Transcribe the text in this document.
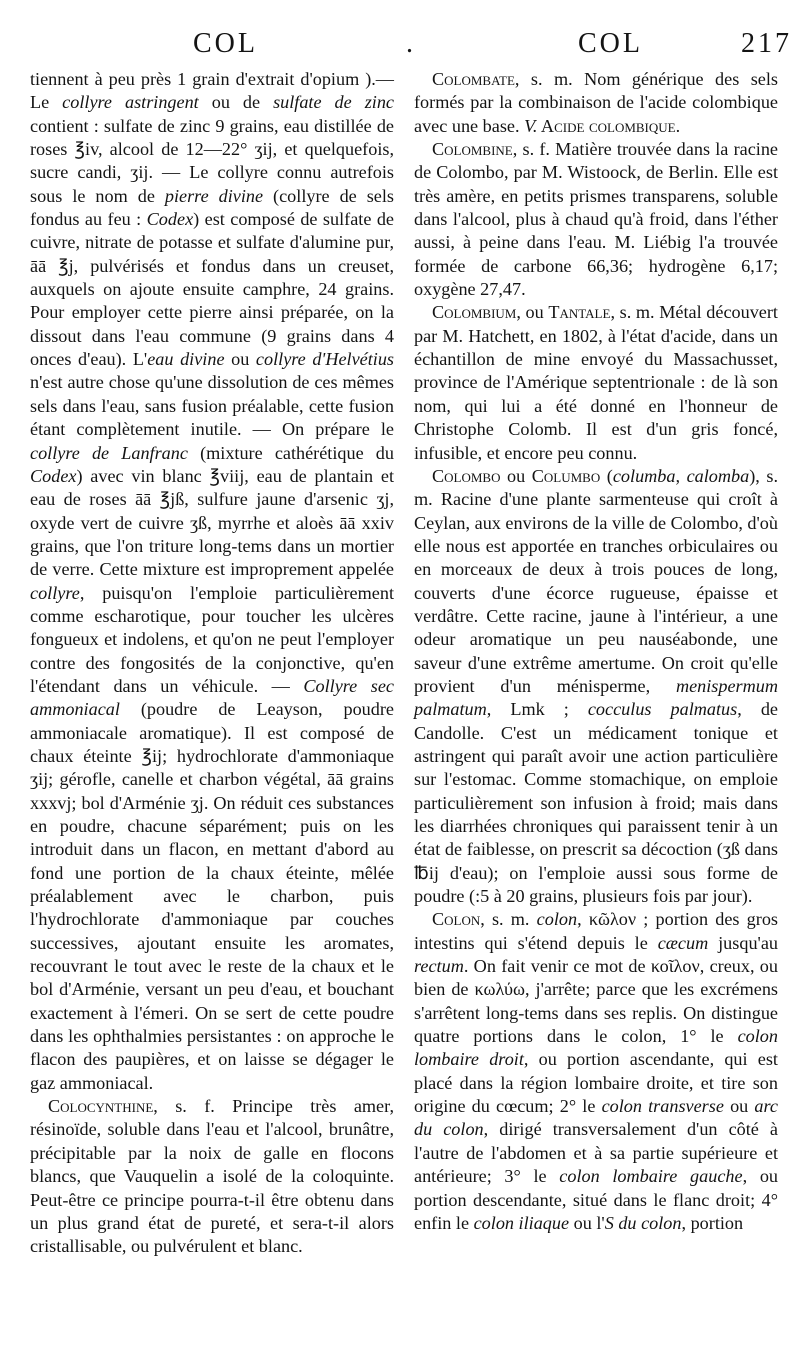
COL	.	COL	217

tiennent à peu près 1 grain d'extrait d'opium ).—Le collyre astringent ou de sulfate de zinc contient : sulfate de zinc 9 grains, eau distillée de roses ℥iv, alcool de 12—22° ʒij, et quelquefois, sucre candi, ʒij. — Le collyre connu autrefois sous le nom de pierre divine (collyre de sels fondus au feu : Codex) est composé de sulfate de cuivre, nitrate de potasse et sulfate d'alumine pur, āā ℥j, pulvérisés et fondus dans un creuset, auxquels on ajoute ensuite camphre, 24 grains. Pour employer cette pierre ainsi préparée, on la dissout dans l'eau commune (9 grains dans 4 onces d'eau). L'eau divine ou collyre d'Helvétius n'est autre chose qu'une dissolution de ces mêmes sels dans l'eau, sans fusion préalable, cette fusion étant complètement inutile. — On prépare le collyre de Lanfranc (mixture cathérétique du Codex) avec vin blanc ℥viij, eau de plantain et eau de roses āā ℥jß, sulfure jaune d'arsenic ʒj, oxyde vert de cuivre ʒß, myrrhe et aloès āā xxiv grains, que l'on triture long-tems dans un mortier de verre. Cette mixture est improprement appelée collyre, puisqu'on l'emploie particulièrement comme escharotique, pour toucher les ulcères fongueux et indolens, et qu'on ne peut l'employer contre des fongosités de la conjonctive, qu'en l'étendant dans un véhicule. — Collyre sec ammoniacal (poudre de Leayson, poudre ammoniacale aromatique). Il est composé de chaux éteinte ℥ij; hydrochlorate d'ammoniaque ʒij; gérofle, canelle et charbon végétal, āā grains xxxvj; bol d'Arménie ʒj. On réduit ces substances en poudre, chacune séparément; puis on les introduit dans un flacon, en mettant d'abord au fond une portion de la chaux éteinte, mêlée préalablement avec le charbon, puis l'hydrochlorate d'ammoniaque par couches successives, ajoutant ensuite les aromates, recouvrant le tout avec le reste de la chaux et le bol d'Arménie, versant un peu d'eau, et bouchant exactement à l'émeri. On se sert de cette poudre dans les ophthalmies persistantes : on approche le flacon des paupières, et on laisse se dégager le gaz ammoniacal.

Colocynthine, s. f. Principe très amer, résinoïde, soluble dans l'eau et l'alcool, brunâtre, précipitable par la noix de galle en flocons blancs, que Vauquelin a isolé de la coloquinte. Peut-être ce principe pourra-t-il être obtenu dans un plus grand état de pureté, et sera-t-il alors cristallisable, ou pulvérulent et blanc.

Colombate, s. m. Nom générique des sels formés par la combinaison de l'acide colombique avec une base. V. Acide colombique.

Colombine, s. f. Matière trouvée dans la racine de Colombo, par M. Wistoock, de Berlin. Elle est très amère, en petits prismes transparens, soluble dans l'alcool, plus à chaud qu'à froid, dans l'éther aussi, à peine dans l'eau. M. Liébig l'a trouvée formée de carbone 66,36; hydrogène 6,17; oxygène 27,47.

Colombium, ou Tantale, s. m. Métal découvert par M. Hatchett, en 1802, à l'état d'acide, dans un échantillon de mine envoyé du Massachusset, province de l'Amérique septentrionale : de là son nom, qui lui a été donné en l'honneur de Christophe Colomb. Il est d'un gris foncé, infusible, et encore peu connu.

Colombo ou Columbo (columba, calomba), s. m. Racine d'une plante sarmenteuse qui croît à Ceylan, aux environs de la ville de Colombo, d'où elle nous est apportée en tranches orbiculaires ou en morceaux de deux à trois pouces de long, couverts d'une écorce rugueuse, épaisse et verdâtre. Cette racine, jaune à l'intérieur, a une odeur aromatique un peu nauséabonde, une saveur d'une extrême amertume. On croit qu'elle provient d'un ménisperme, menispermum palmatum, Lmk ; cocculus palmatus, de Candolle. C'est un médicament tonique et astringent qui paraît avoir une action particulière sur l'estomac. Comme stomachique, on emploie particulièrement son infusion à froid; mais dans les diarrhées chroniques qui paraissent tenir à un état de faiblesse, on prescrit sa décoction (ʒß dans ℔ij d'eau); on l'emploie aussi sous forme de poudre (:5 à 20 grains, plusieurs fois par jour).

Colon, s. m. colon, κῶλον ; portion des gros intestins qui s'étend depuis le cæcum jusqu'au rectum. On fait venir ce mot de κοῖλον, creux, ou bien de κωλύω, j'arrête; parce que les excrémens s'arrêtent long-tems dans ses replis. On distingue quatre portions dans le colon, 1° le colon lombaire droit, ou portion ascendante, qui est placé dans la région lombaire droite, et tire son origine du cœcum; 2° le colon transverse ou arc du colon, dirigé transversalement d'un côté à l'autre de l'abdomen et à sa partie supérieure et antérieure; 3° le colon lombaire gauche, ou portion descendante, situé dans le flanc droit; 4° enfin le colon iliaque ou l'S du colon, portion
